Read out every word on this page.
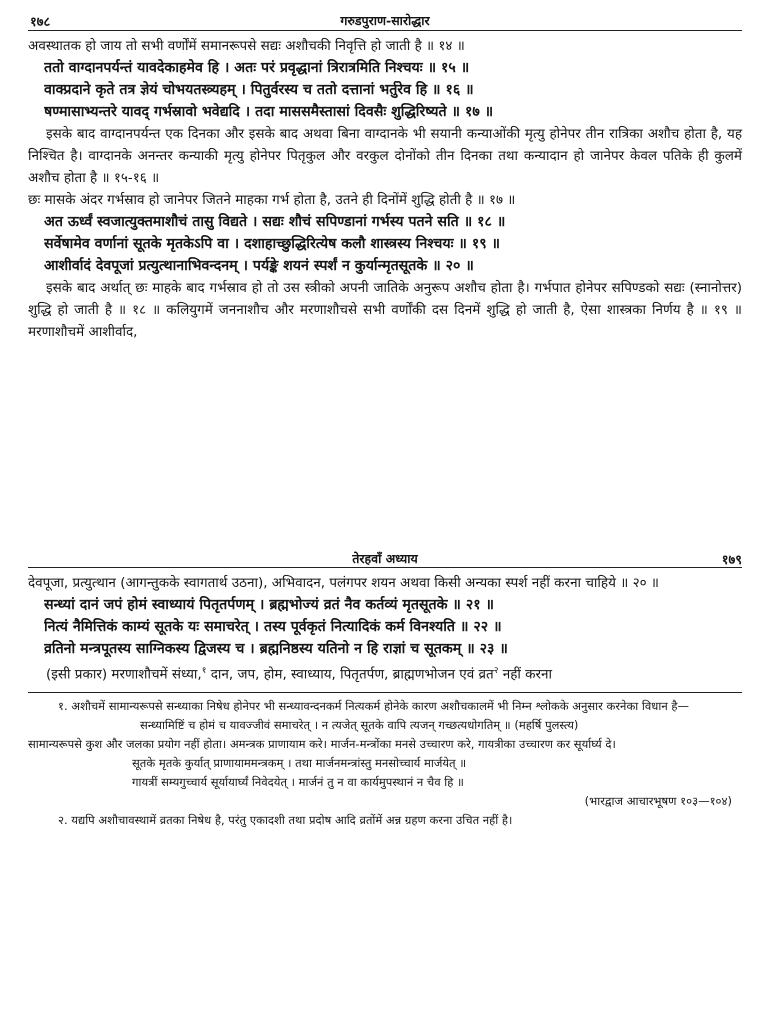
१७८	गरुडपुराण-सारोद्धार
अवस्थातक हो जाय तो सभी वर्णोंमें समानरूपसे सद्यः अशौचकी निवृत्ति हो जाती है ॥ १४ ॥
ततो वाग्दानपर्यन्तं यावदेकाहमेव हि । अतः परं प्रवृद्धानां त्रिरात्रमिति निश्चयः ॥ १५ ॥
वाक्प्रदाने कृते तत्र ज्ञेयं चोभयतस्त्र्यहम् । पितुर्वरस्य च ततो दत्तानां भर्तुरेव हि ॥ १६ ॥
षण्मासाभ्यन्तरे यावद् गर्भस्रावो भवेद्यदि । तदा माससमैस्तासां दिवसैः शुद्धिरिष्यते ॥ १७ ॥
इसके बाद वाग्दानपर्यन्त एक दिनका और इसके बाद अथवा बिना वाग्दानके भी सयानी कन्याओंकी मृत्यु होनेपर तीन रात्रिका अशौच होता है, यह निश्चित है। वाग्दानके अनन्तर कन्याकी मृत्यु होनेपर पितृकुल और वरकुल दोनोंको तीन दिनका तथा कन्यादान हो जानेपर केवल पतिके ही कुलमें अशौच होता है ॥ १५-१६ ॥
छः मासके अंदर गर्भस्राव हो जानेपर जितने माहका गर्भ होता है, उतने ही दिनोंमें शुद्धि होती है ॥ १७ ॥
अत ऊर्ध्वं स्वजात्युक्तमाशौचं तासु विद्यते । सद्यः शौचं सपिण्डानां गर्भस्य पतने सति ॥ १८ ॥
सर्वेषामेव वर्णानां सूतके मृतकेऽपि वा । दशाहाच्छुद्धिरित्येष कलौ शास्त्रस्य निश्चयः ॥ १९ ॥
आशीर्वादं देवपूजां प्रत्युत्थानाभिवन्दनम् । पर्यङ्के शयनं स्पर्शं न कुर्यान्मृतसूतके ॥ २० ॥
इसके बाद अर्थात् छः माहके बाद गर्भस्राव हो तो उस स्त्रीको अपनी जातिके अनुरूप अशौच होता है। गर्भपात होनेपर सपिण्डको सद्यः (स्नानोत्तर) शुद्धि हो जाती है ॥ १८ ॥ कलियुगमें जननाशौच और मरणाशौचसे सभी वर्णोंकी दस दिनमें शुद्धि हो जाती है, ऐसा शास्त्रका निर्णय है ॥ १९ ॥ मरणाशौचमें आशीर्वाद,
तेरहवाँ अध्याय	१७९
देवपूजा, प्रत्युत्थान (आगन्तुकके स्वागतार्थ उठना), अभिवादन, पलंगपर शयन अथवा किसी अन्यका स्पर्श नहीं करना चाहिये ॥ २० ॥
सन्ध्यां दानं जपं होमं स्वाध्यायं पितृतर्पणम् । ब्रह्मभोज्यं व्रतं नैव कर्तव्यं मृतसूतके ॥ २१ ॥
नित्यं नैमित्तिकं काम्यं सूतके यः समाचरेत् । तस्य पूर्वकृतं नित्यादिकं कर्म विनश्यति ॥ २२ ॥
व्रतिनो मन्त्रपूतस्य साग्निकस्य द्विजस्य च । ब्रह्मनिष्ठस्य यतिनो न हि राज्ञां च सूतकम् ॥ २३ ॥
(इसी प्रकार) मरणाशौचमें संध्या,$^१$ दान, जप, होम, स्वाध्याय, पितृतर्पण, ब्राह्मणभोजन एवं व्रत$^२$ नहीं करना
१. अशौचमें सामान्यरूपसे सन्ध्याका निषेध होनेपर भी सन्ध्यावन्दनकर्म नित्यकर्म होनेके कारण अशौचकालमें भी निम्न श्लोकके अनुसार करनेका विधान है—
सन्ध्यामिष्टिं च होमं च यावज्जीवं समाचरेत् । न त्यजेत् सूतके वापि त्यजन् गच्छत्यधोगतिम् ॥ (महर्षि पुलस्त्य)
सामान्यरूपसे कुश और जलका प्रयोग नहीं होता। अमन्त्रक प्राणायाम करे। मार्जन-मन्त्रोंका मनसे उच्चारण करे, गायत्रीका उच्चारण कर सूर्यार्घ्य दे।
सूतके मृतके कुर्यात् प्राणायाममन्त्रकम् । तथा मार्जनमन्त्रांस्तु मनसोच्चार्य मार्जयेत् ॥
गायत्रीं सम्यगुच्चार्य सूर्यायार्घ्यं निवेदयेत् । मार्जनं तु न वा कार्यमुपस्थानं न चैव हि ॥
(भारद्वाज आचारभूषण १०३—१०४)
२. यद्यपि अशौचावस्थामें व्रतका निषेध है, परंतु एकादशी तथा प्रदोष आदि व्रतोंमें अन्न ग्रहण करना उचित नहीं है।
